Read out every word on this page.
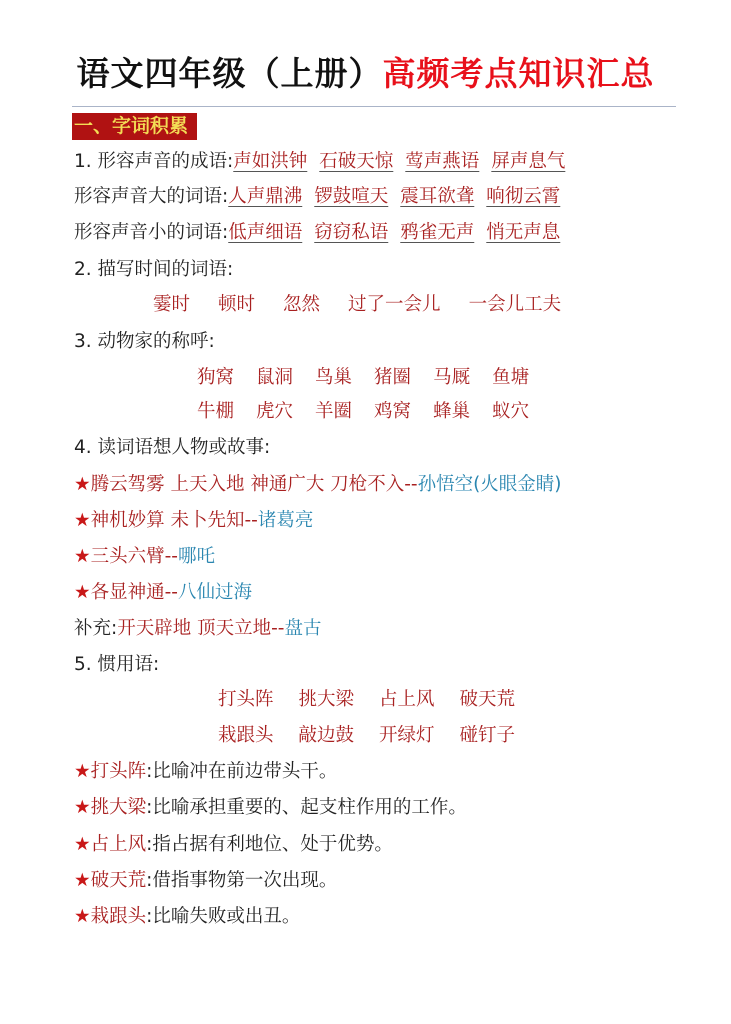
语文四年级（上册）高频考点知识汇总
一、字词积累
1. 形容声音的成语:声如洪钟 石破天惊 莺声燕语 屏声息气
形容声音大的词语:人声鼎沸 锣鼓喧天 震耳欲聋 响彻云霄
形容声音小的词语:低声细语 窃窃私语 鸦雀无声 悄无声息
2. 描写时间的词语:
霎时 顿时 忽然 过了一会儿 一会儿工夫
3. 动物家的称呼:
狗窝 鼠洞 鸟巢 猪圈 马厩 鱼塘
牛棚 虎穴 羊圈 鸡窝 蜂巢 蚁穴
4. 读词语想人物或故事:
★腾云驾雾 上天入地 神通广大 刀枪不入--孙悟空(火眼金睛)
★神机妙算 未卜先知--诸葛亮
★三头六臂--哪吒
★各显神通--八仙过海
补充:开天辟地 顶天立地--盘古
5. 惯用语:
打头阵 挑大梁 占上风 破天荒
栽跟头 敲边鼓 开绿灯 碰钉子
★打头阵:比喻冲在前边带头干。
★挑大梁:比喻承担重要的、起支柱作用的工作。
★占上风:指占据有利地位、处于优势。
★破天荒:借指事物第一次出现。
★栽跟头:比喻失败或出丑。
